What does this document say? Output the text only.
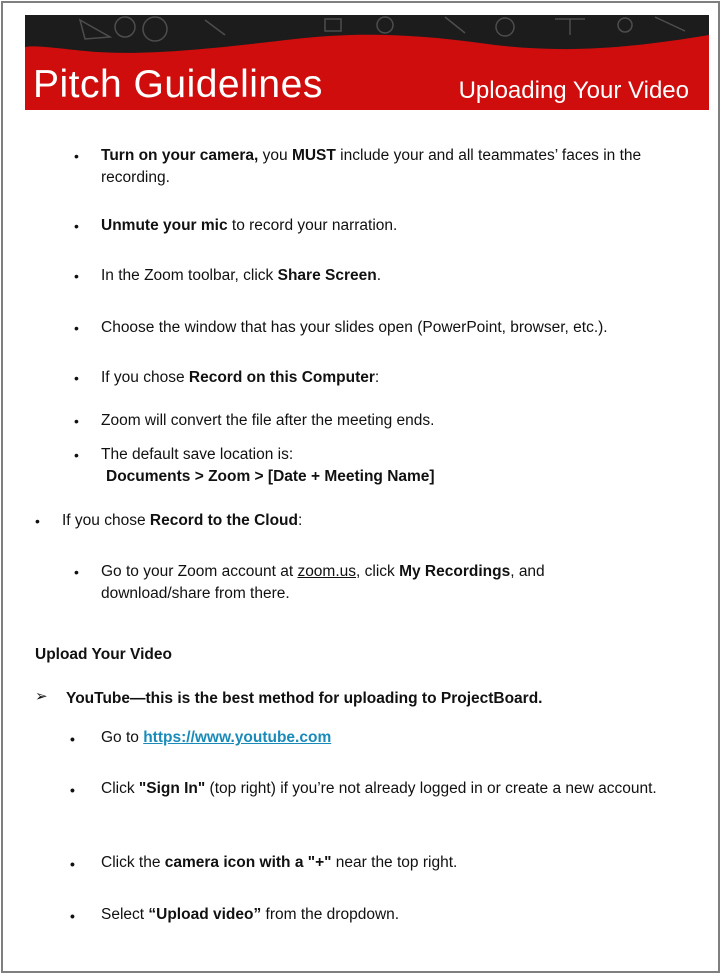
Pitch Guidelines	Uploading Your Video
• Turn on your camera, you MUST include your and all teammates’ faces in the recording.
• Unmute your mic to record your narration.
• In the Zoom toolbar, click Share Screen.
• Choose the window that has your slides open (PowerPoint, browser, etc.).
• If you chose Record on this Computer:
• Zoom will convert the file after the meeting ends.
• The default save location is:
Documents > Zoom > [Date + Meeting Name]
• If you chose Record to the Cloud:
• Go to your Zoom account at zoom.us, click My Recordings, and download/share from there.
Upload Your Video
➢ YouTube—this is the best method for uploading to ProjectBoard.
• Go to https://www.youtube.com
• Click "Sign In" (top right) if you’re not already logged in or create a new account.
• Click the camera icon with a "+" near the top right.
• Select “Upload video” from the dropdown.
